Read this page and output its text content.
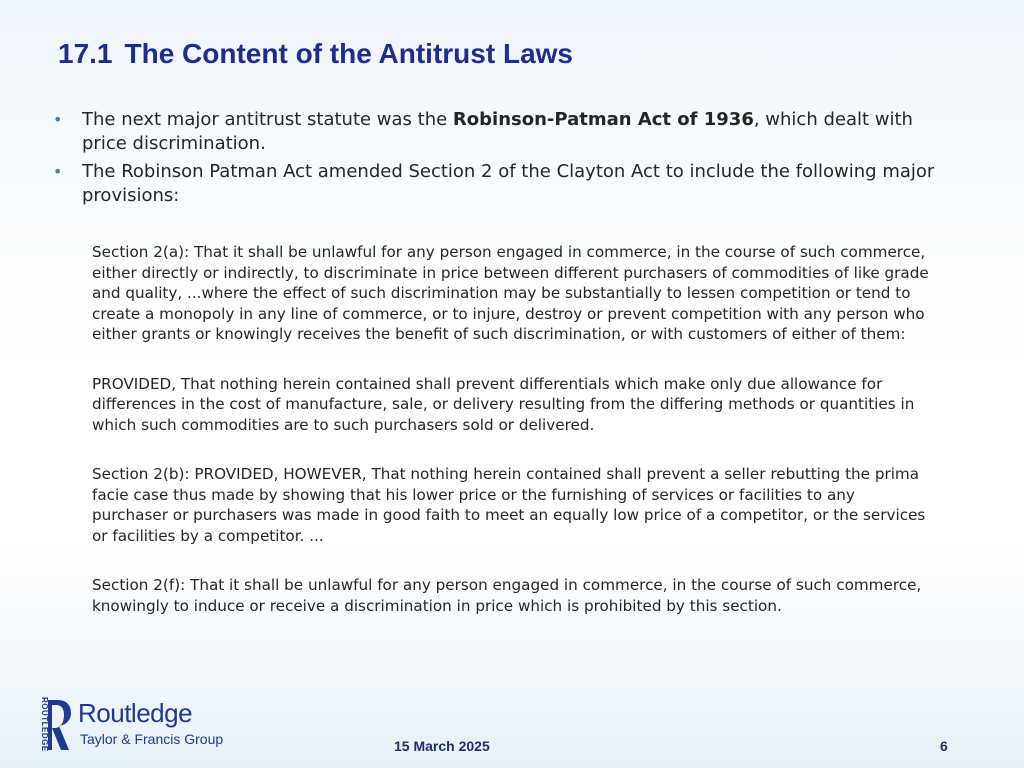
17.1 The Content of the Antitrust Laws
• The next major antitrust statute was the Robinson-Patman Act of 1936, which dealt with price discrimination.
• The Robinson Patman Act amended Section 2 of the Clayton Act to include the following major provisions:

Section 2(a): That it shall be unlawful for any person engaged in commerce, in the course of such commerce, either directly or indirectly, to discriminate in price between different purchasers of commodities of like grade and quality, ...where the effect of such discrimination may be substantially to lessen competition or tend to create a monopoly in any line of commerce, or to injure, destroy or prevent competition with any person who either grants or knowingly receives the benefit of such discrimination, or with customers of either of them:

PROVIDED, That nothing herein contained shall prevent differentials which make only due allowance for differences in the cost of manufacture, sale, or delivery resulting from the differing methods or quantities in which such commodities are to such purchasers sold or delivered.

Section 2(b): PROVIDED, HOWEVER, That nothing herein contained shall prevent a seller rebutting the prima facie case thus made by showing that his lower price or the furnishing of services or facilities to any purchaser or purchasers was made in good faith to meet an equally low price of a competitor, or the services or facilities by a competitor. ...

Section 2(f): That it shall be unlawful for any person engaged in commerce, in the course of such commerce, knowingly to induce or receive a discrimination in price which is prohibited by this section.

ROUTLEDGE Routledge
Taylor & Francis Group	15 March 2025	6
